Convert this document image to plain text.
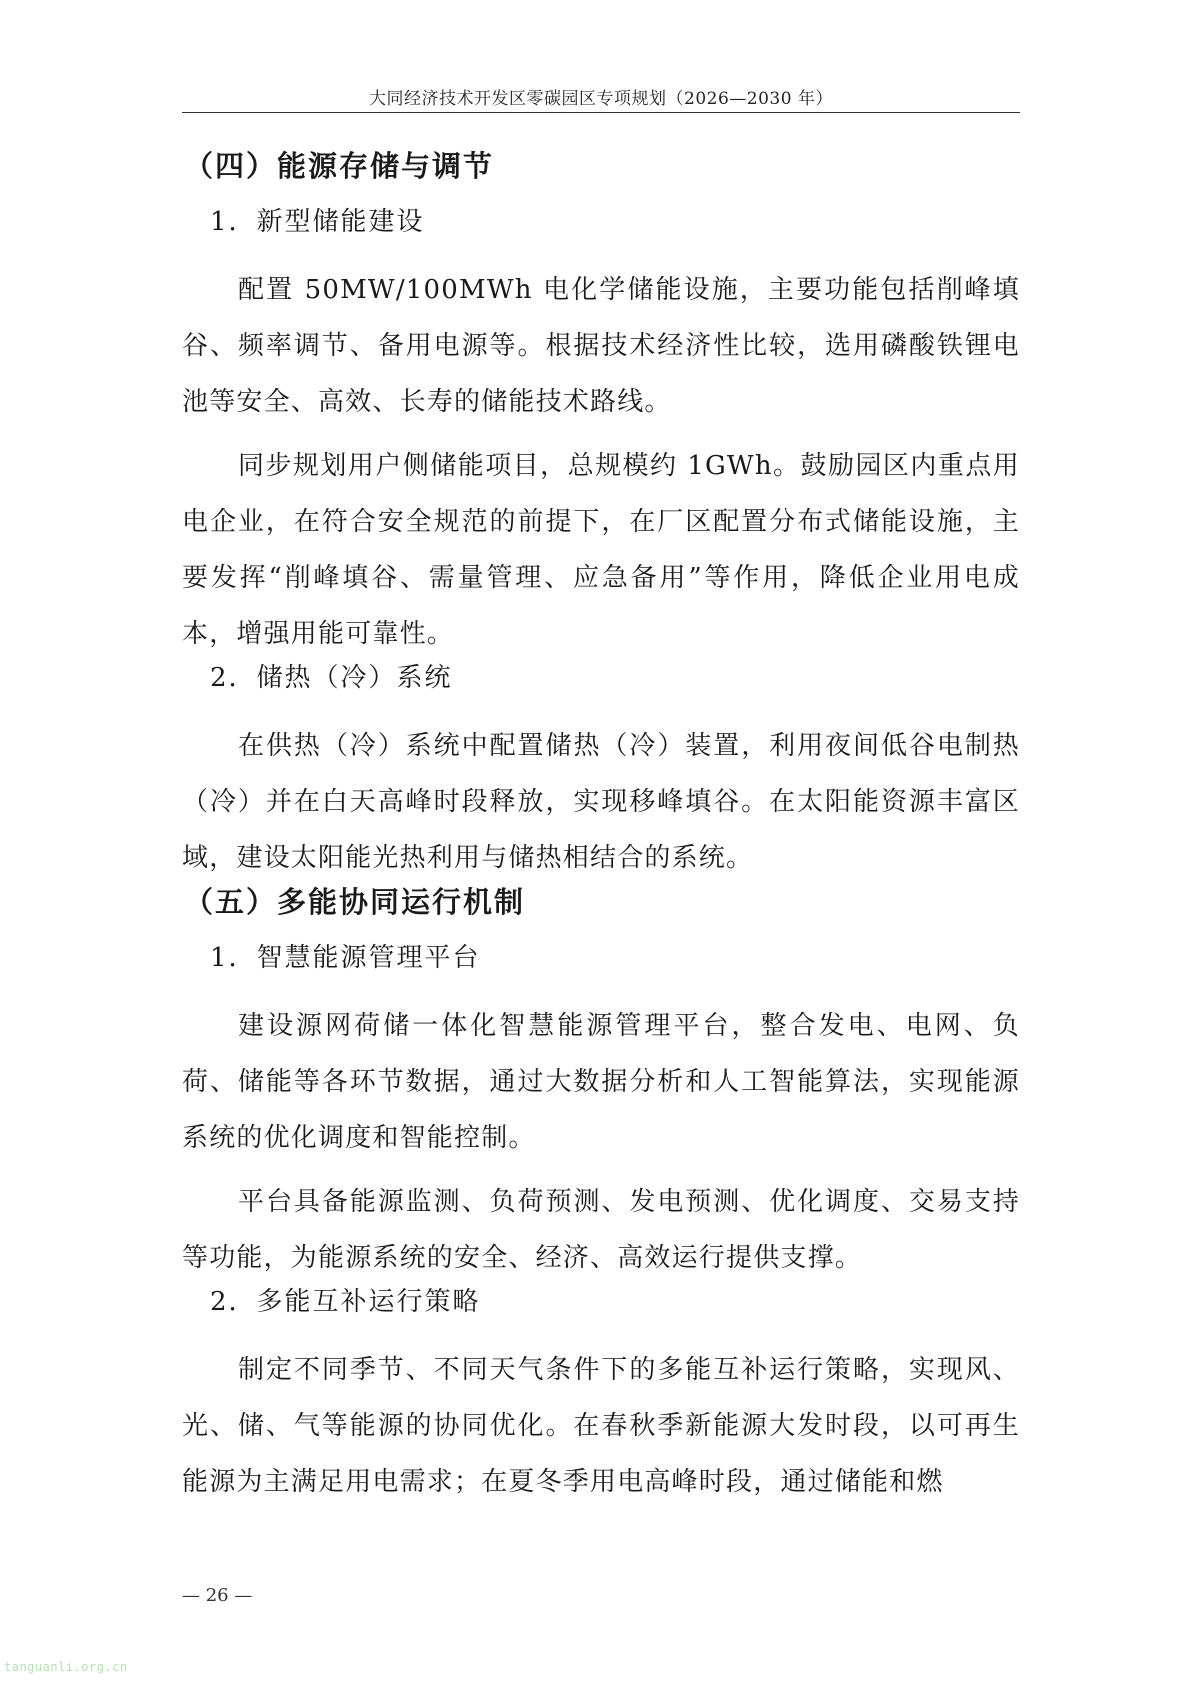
大同经济技术开发区零碳园区专项规划（2026—2030 年）
（四）能源存储与调节
1．新型储能建设

配置 50MW/100MWh 电化学储能设施，主要功能包括削峰填谷、频率调节、备用电源等。根据技术经济性比较，选用磷酸铁锂电池等安全、高效、长寿的储能技术路线。

同步规划用户侧储能项目，总规模约 1GWh。鼓励园区内重点用电企业，在符合安全规范的前提下，在厂区配置分布式储能设施，主要发挥“削峰填谷、需量管理、应急备用”等作用，降低企业用电成本，增强用能可靠性。

2．储热（冷）系统

在供热（冷）系统中配置储热（冷）装置，利用夜间低谷电制热（冷）并在白天高峰时段释放，实现移峰填谷。在太阳能资源丰富区域，建设太阳能光热利用与储热相结合的系统。

（五）多能协同运行机制
1．智慧能源管理平台

建设源网荷储一体化智慧能源管理平台，整合发电、电网、负荷、储能等各环节数据，通过大数据分析和人工智能算法，实现能源系统的优化调度和智能控制。

平台具备能源监测、负荷预测、发电预测、优化调度、交易支持等功能，为能源系统的安全、经济、高效运行提供支撑。

2．多能互补运行策略

制定不同季节、不同天气条件下的多能互补运行策略，实现风、光、储、气等能源的协同优化。在春秋季新能源大发时段，以可再生能源为主满足用电需求；在夏冬季用电高峰时段，通过储能和燃

— 26 —
tanguanli.org.cn
